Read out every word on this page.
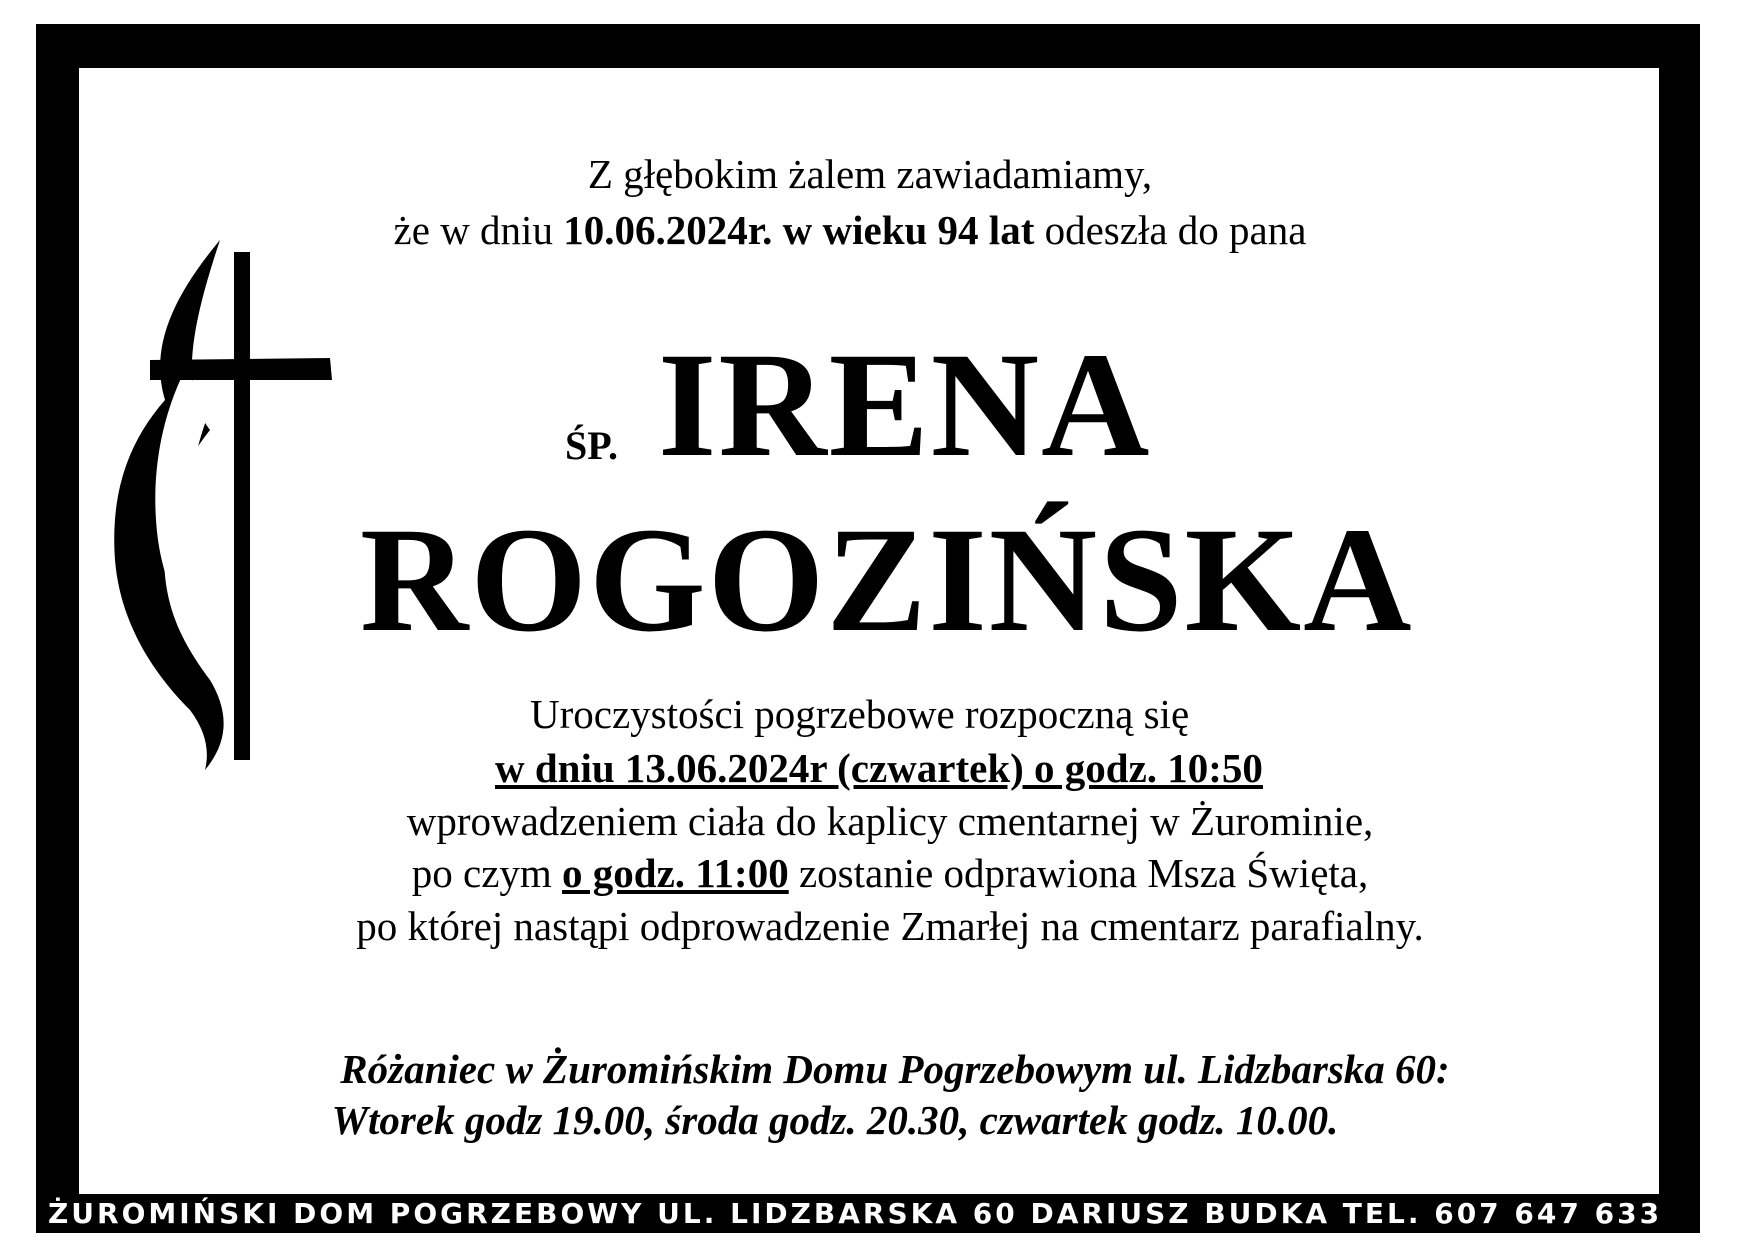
Z głębokim żalem zawiadamiamy,
że w dniu 10.06.2024r. w wieku 94 lat odeszła do pana
ŚP. IRENA
ROGOZIŃSKA
Uroczystości pogrzebowe rozpoczną się
w dniu 13.06.2024r (czwartek) o godz. 10:50
wprowadzeniem ciała do kaplicy cmentarnej w Żurominie,
po czym o godz. 11:00 zostanie odprawiona Msza Święta,
po której nastąpi odprowadzenie Zmarłej na cmentarz parafialny.
Różaniec w Żuromińskim Domu Pogrzebowym ul. Lidzbarska 60:
Wtorek godz 19.00, środa godz. 20.30, czwartek godz. 10.00.
ŻUROMIŃSKI DOM POGRZEBOWY UL. LIDZBARSKA 60 DARIUSZ BUDKA TEL. 607 647 633
